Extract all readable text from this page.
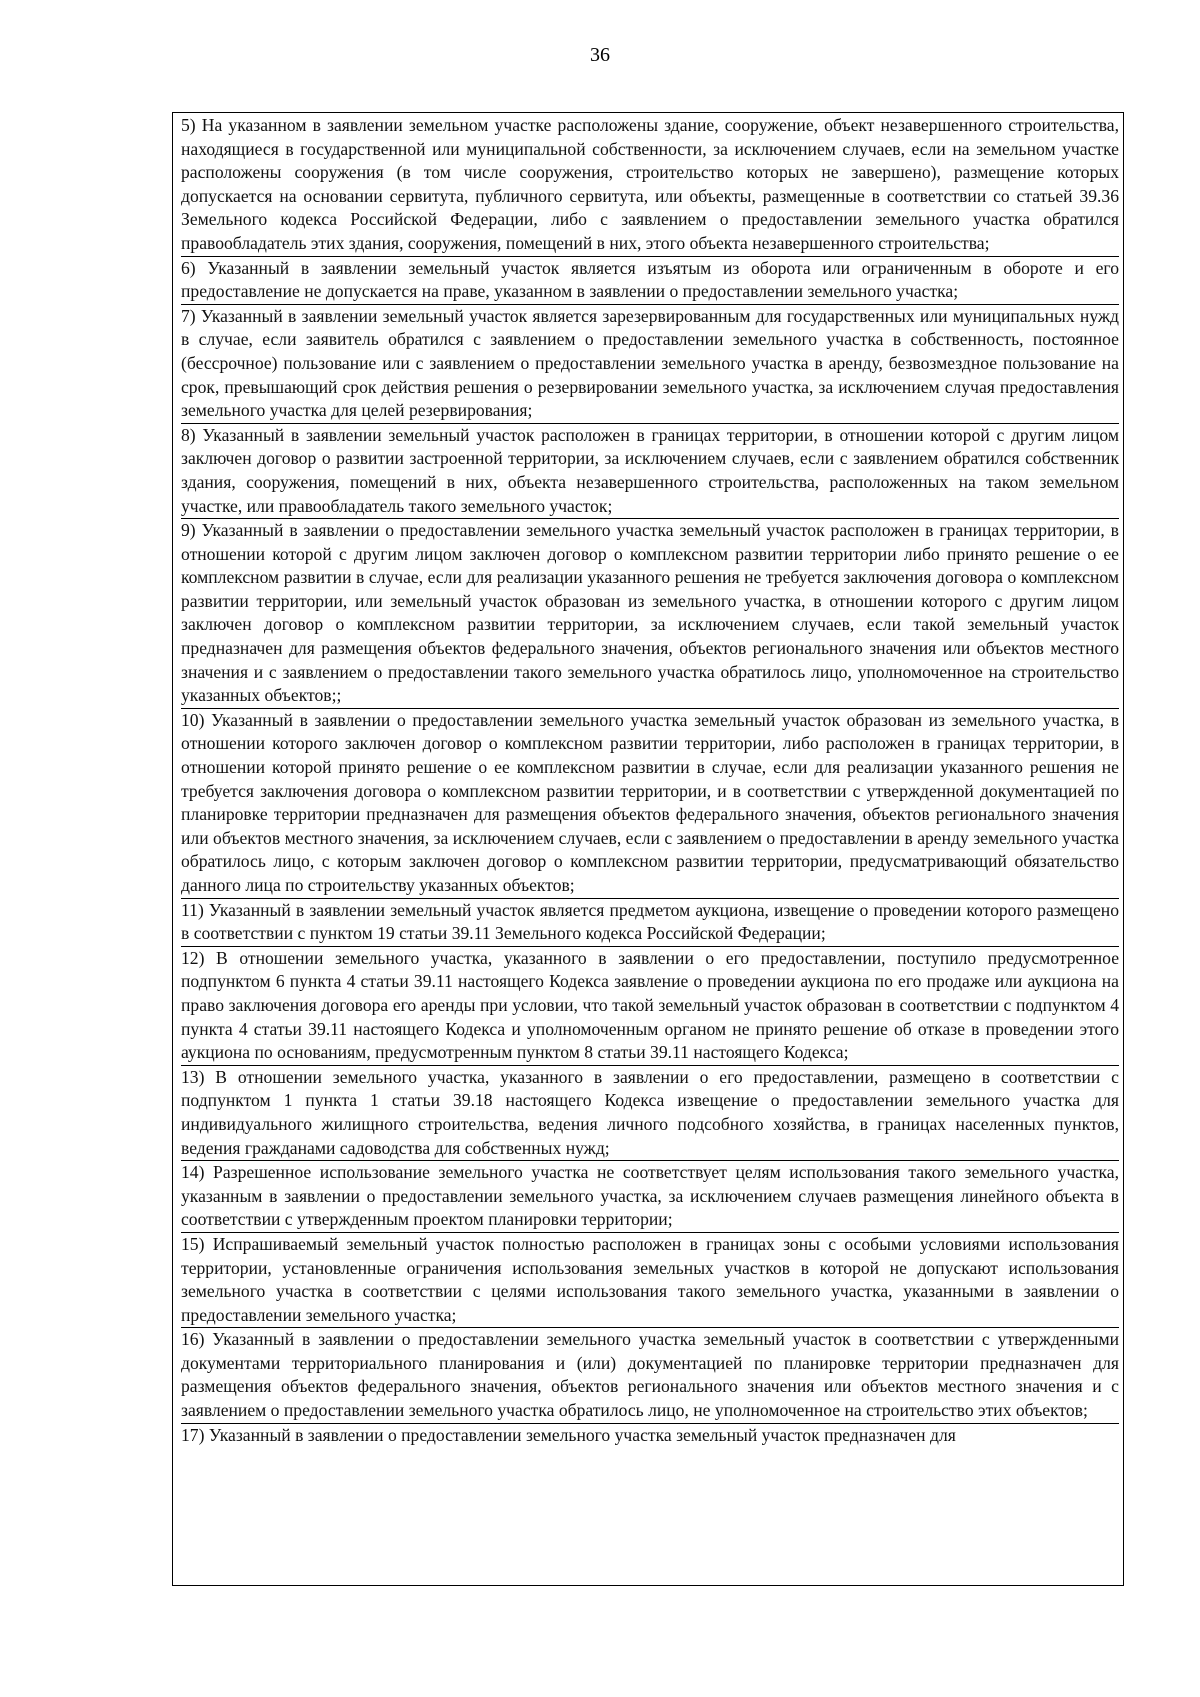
36
5) На указанном в заявлении земельном участке расположены здание, сооружение, объект незавершенного строительства, находящиеся в государственной или муниципальной собственности, за исключением случаев, если на земельном участке расположены сооружения (в том числе сооружения, строительство которых не завершено), размещение которых допускается на основании сервитута, публичного сервитута, или объекты, размещенные в соответствии со статьей 39.36 Земельного кодекса Российской Федерации, либо с заявлением о предоставлении земельного участка обратился правообладатель этих здания, сооружения, помещений в них, этого объекта незавершенного строительства;
6) Указанный в заявлении земельный участок является изъятым из оборота или ограниченным в обороте и его предоставление не допускается на праве, указанном в заявлении о предоставлении земельного участка;
7) Указанный в заявлении земельный участок является зарезервированным для государственных или муниципальных нужд в случае, если заявитель обратился с заявлением о предоставлении земельного участка в собственность, постоянное (бессрочное) пользование или с заявлением о предоставлении земельного участка в аренду, безвозмездное пользование на срок, превышающий срок действия решения о резервировании земельного участка, за исключением случая предоставления земельного участка для целей резервирования;
8) Указанный в заявлении земельный участок расположен в границах территории, в отношении которой с другим лицом заключен договор о развитии застроенной территории, за исключением случаев, если с заявлением обратился собственник здания, сооружения, помещений в них, объекта незавершенного строительства, расположенных на таком земельном участке, или правообладатель такого земельного участок;
9) Указанный в заявлении о предоставлении земельного участка земельный участок расположен в границах территории, в отношении которой с другим лицом заключен договор о комплексном развитии территории либо принято решение о ее комплексном развитии в случае, если для реализации указанного решения не требуется заключения договора о комплексном развитии территории, или земельный участок образован из земельного участка, в отношении которого с другим лицом заключен договор о комплексном развитии территории, за исключением случаев, если такой земельный участок предназначен для размещения объектов федерального значения, объектов регионального значения или объектов местного значения и с заявлением о предоставлении такого земельного участка обратилось лицо, уполномоченное на строительство указанных объектов;;
10) Указанный в заявлении о предоставлении земельного участка земельный участок образован из земельного участка, в отношении которого заключен договор о комплексном развитии территории, либо расположен в границах территории, в отношении которой принято решение о ее комплексном развитии в случае, если для реализации указанного решения не требуется заключения договора о комплексном развитии территории, и в соответствии с утвержденной документацией по планировке территории предназначен для размещения объектов федерального значения, объектов регионального значения или объектов местного значения, за исключением случаев, если с заявлением о предоставлении в аренду земельного участка обратилось лицо, с которым заключен договор о комплексном развитии территории, предусматривающий обязательство данного лица по строительству указанных объектов;
11) Указанный в заявлении земельный участок является предметом аукциона, извещение о проведении которого размещено в соответствии с пунктом 19 статьи 39.11 Земельного кодекса Российской Федерации;
12) В отношении земельного участка, указанного в заявлении о его предоставлении, поступило предусмотренное подпунктом 6 пункта 4 статьи 39.11 настоящего Кодекса заявление о проведении аукциона по его продаже или аукциона на право заключения договора его аренды при условии, что такой земельный участок образован в соответствии с подпунктом 4 пункта 4 статьи 39.11 настоящего Кодекса и уполномоченным органом не принято решение об отказе в проведении этого аукциона по основаниям, предусмотренным пунктом 8 статьи 39.11 настоящего Кодекса;
13) В отношении земельного участка, указанного в заявлении о его предоставлении, размещено в соответствии с подпунктом 1 пункта 1 статьи 39.18 настоящего Кодекса извещение о предоставлении земельного участка для индивидуального жилищного строительства, ведения личного подсобного хозяйства, в границах населенных пунктов, ведения гражданами садоводства для собственных нужд;
14) Разрешенное использование земельного участка не соответствует целям использования такого земельного участка, указанным в заявлении о предоставлении земельного участка, за исключением случаев размещения линейного объекта в соответствии с утвержденным проектом планировки территории;
15) Испрашиваемый земельный участок полностью расположен в границах зоны с особыми условиями использования территории, установленные ограничения использования земельных участков в которой не допускают использования земельного участка в соответствии с целями использования такого земельного участка, указанными в заявлении о предоставлении земельного участка;
16) Указанный в заявлении о предоставлении земельного участка земельный участок в соответствии с утвержденными документами территориального планирования и (или) документацией по планировке территории предназначен для размещения объектов федерального значения, объектов регионального значения или объектов местного значения и с заявлением о предоставлении земельного участка обратилось лицо, не уполномоченное на строительство этих объектов;
17) Указанный в заявлении о предоставлении земельного участка земельный участок предназначен для
